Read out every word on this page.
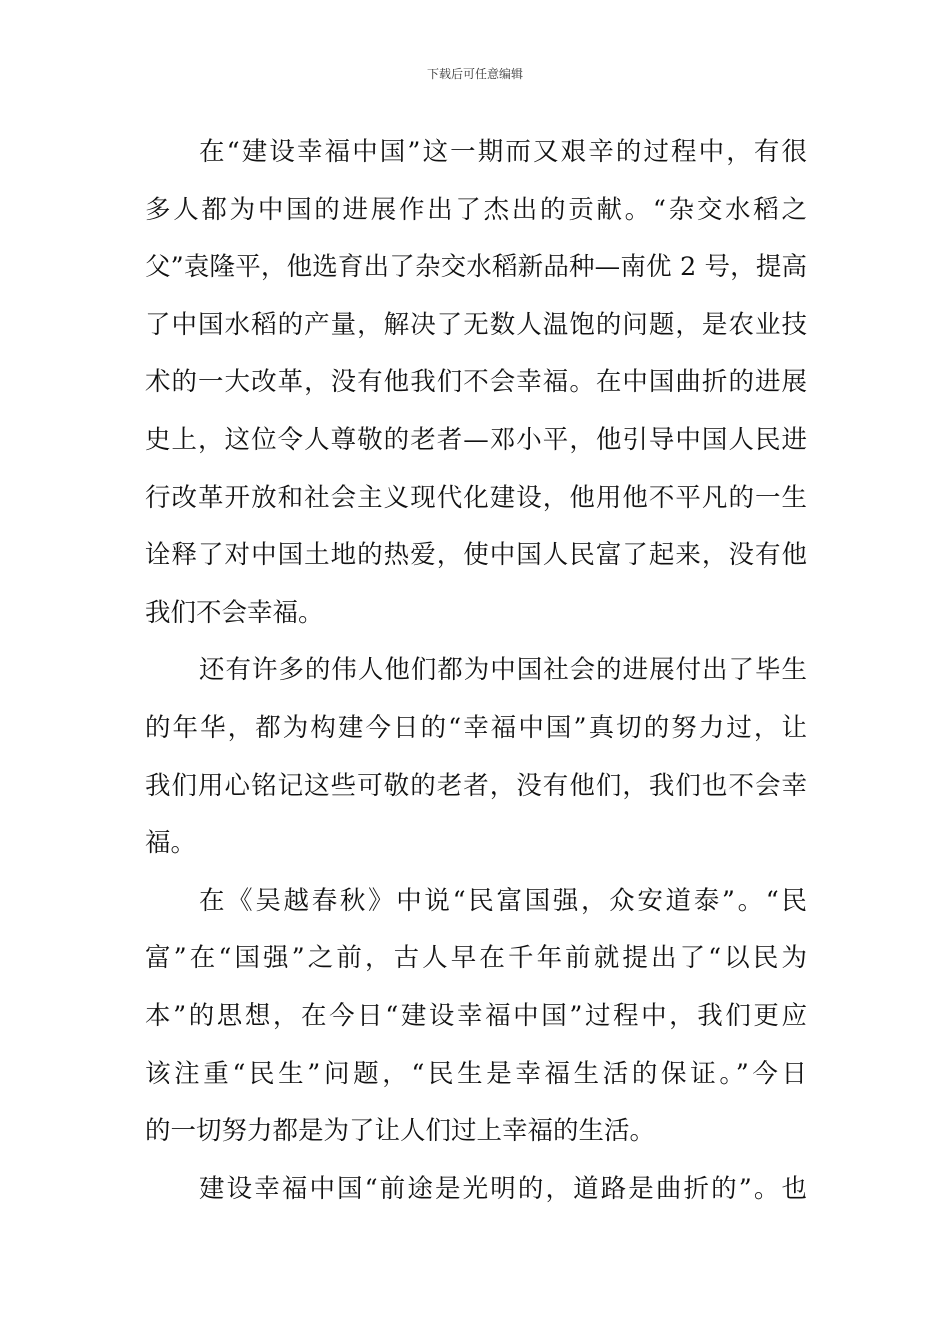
下载后可任意编辑
在“建设幸福中国”这一期而又艰辛的过程中，有很
多人都为中国的进展作出了杰出的贡献。“杂交水稻之
父”袁隆平，他选育出了杂交水稻新品种—南优 2 号，提高
了中国水稻的产量，解决了无数人温饱的问题，是农业技
术的一大改革，没有他我们不会幸福。在中国曲折的进展
史上，这位令人尊敬的老者—邓小平，他引导中国人民进
行改革开放和社会主义现代化建设，他用他不平凡的一生
诠释了对中国土地的热爱，使中国人民富了起来，没有他
我们不会幸福。
还有许多的伟人他们都为中国社会的进展付出了毕生
的年华，都为构建今日的“幸福中国”真切的努力过，让
我们用心铭记这些可敬的老者，没有他们，我们也不会幸
福。
在《吴越春秋》中说“民富国强，众安道泰”。“民
富”在“国强”之前，古人早在千年前就提出了“以民为
本”的思想，在今日“建设幸福中国”过程中，我们更应
该注重“民生”问题，“民生是幸福生活的保证。”今日
的一切努力都是为了让人们过上幸福的生活。
建设幸福中国“前途是光明的，道路是曲折的”。也
